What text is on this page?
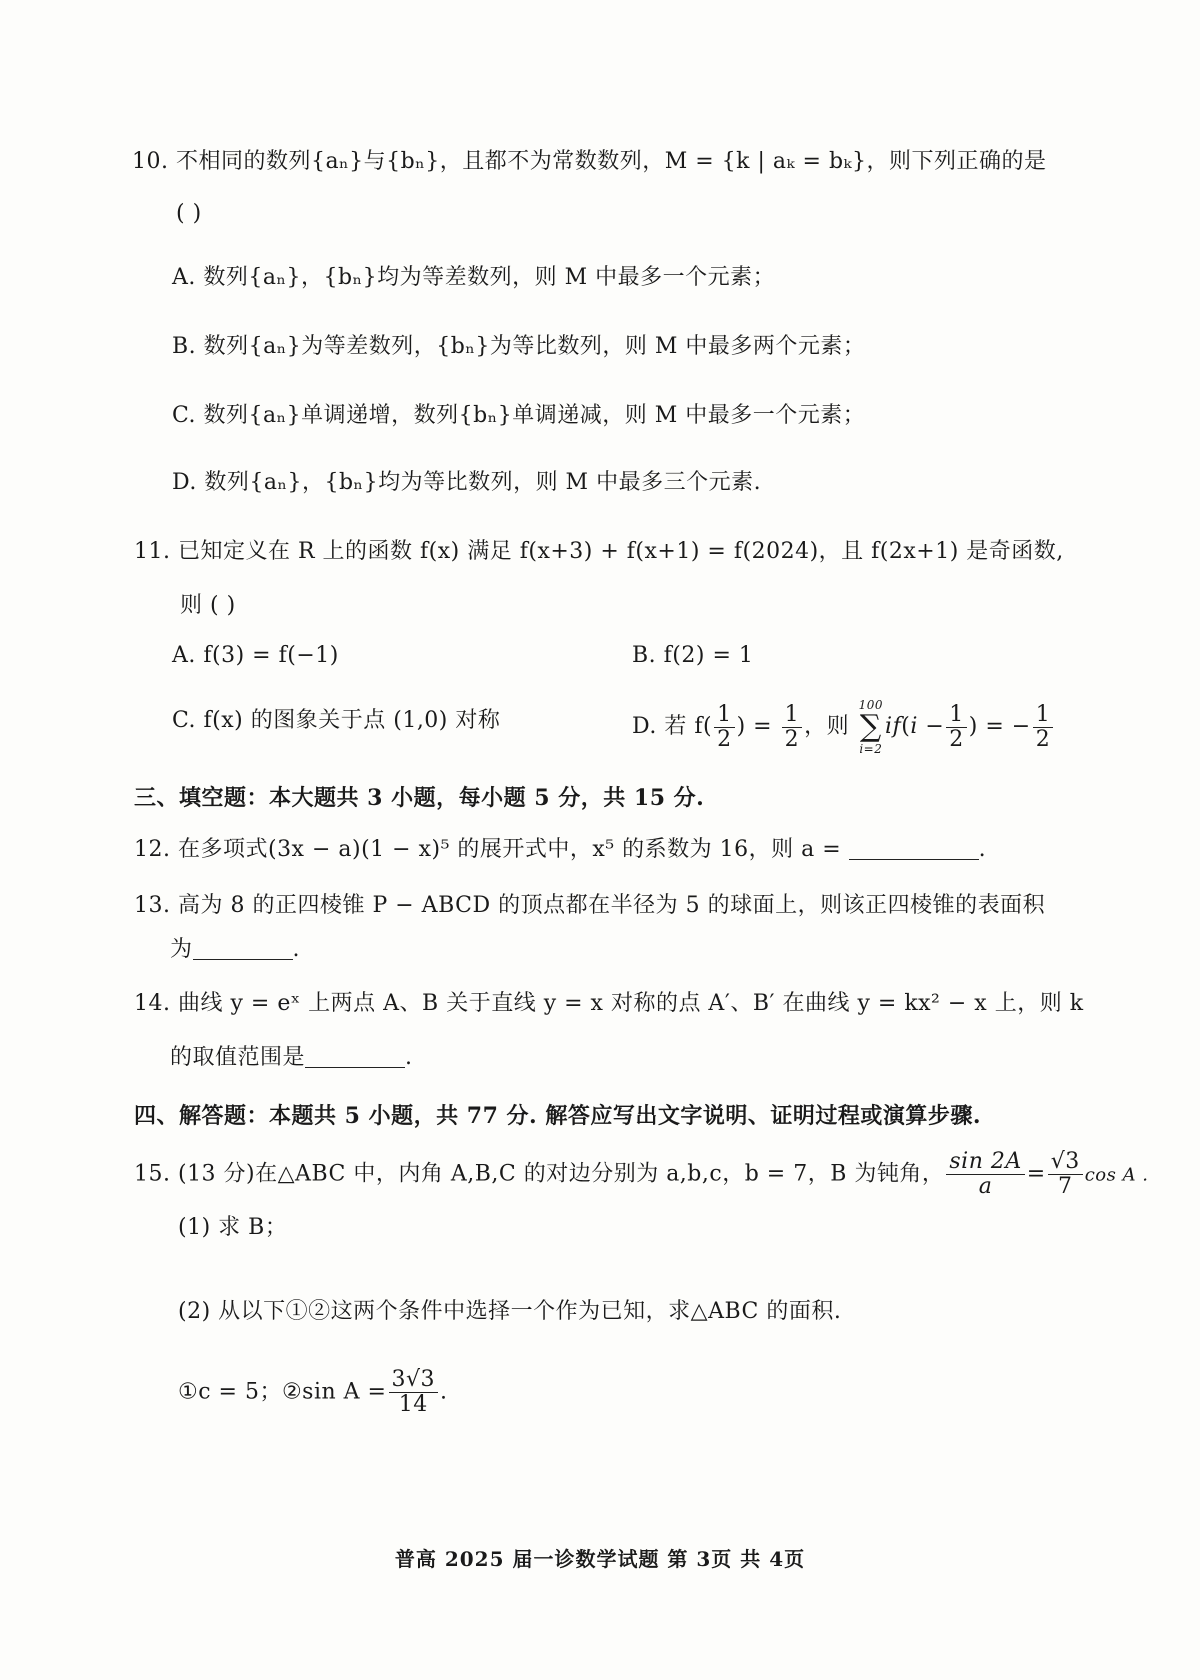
10. 不相同的数列{aₙ}与{bₙ}，且都不为常数数列，M = {k | aₖ = bₖ}，则下列正确的是
( )
A. 数列{aₙ}，{bₙ}均为等差数列，则 M 中最多一个元素；
B. 数列{aₙ}为等差数列，{bₙ}为等比数列，则 M 中最多两个元素；
C. 数列{aₙ}单调递增，数列{bₙ}单调递减，则 M 中最多一个元素；
D. 数列{aₙ}，{bₙ}均为等比数列，则 M 中最多三个元素.
11. 已知定义在 R 上的函数 f(x) 满足 f(x+3) + f(x+1) = f(2024)，且 f(2x+1) 是奇函数,
则 ( )
A. f(3) = f(−1)	B. f(2) = 1
C. f(x) 的图象关于点 (1,0) 对称	D. 若 $f( \frac{1}{2}$ ) = $\frac{1}{2}$ ，则
100
∑
i=2
$if(i - \frac{1}{2}$ ) = − $\frac{1}{2}$
三、填空题：本大题共 3 小题，每小题 5 分，共 15 分.
12. 在多项式(3x − a)(1 − x)⁵ 的展开式中，x⁵ 的系数为 16，则 a =	.
13. 高为 8 的正四棱锥 P − ABCD 的顶点都在半径为 5 的球面上，则该正四棱锥的表面积
为	.
14. 曲线 y = eˣ 上两点 A、B 关于直线 y = x 对称的点 A′、B′ 在曲线 y = kx² − x 上，则 k
的取值范围是	.
四、解答题：本题共 5 小题，共 77 分. 解答应写出文字说明、证明过程或演算步骤.
15. (13 分)在△ABC 中，内角 A,B,C 的对边分别为 a,b,c，b = 7，B 为钝角， $\frac{\sin 2A}{a} = \frac{√3}{7}$ cos A .
(1) 求 B；
(2) 从以下①②这两个条件中选择一个作为已知，求△ABC 的面积.
①c = 5；②sin $A = \frac{3√3}{14}$ .
普高 2025 届一诊数学试题 第 3页 共 4页
